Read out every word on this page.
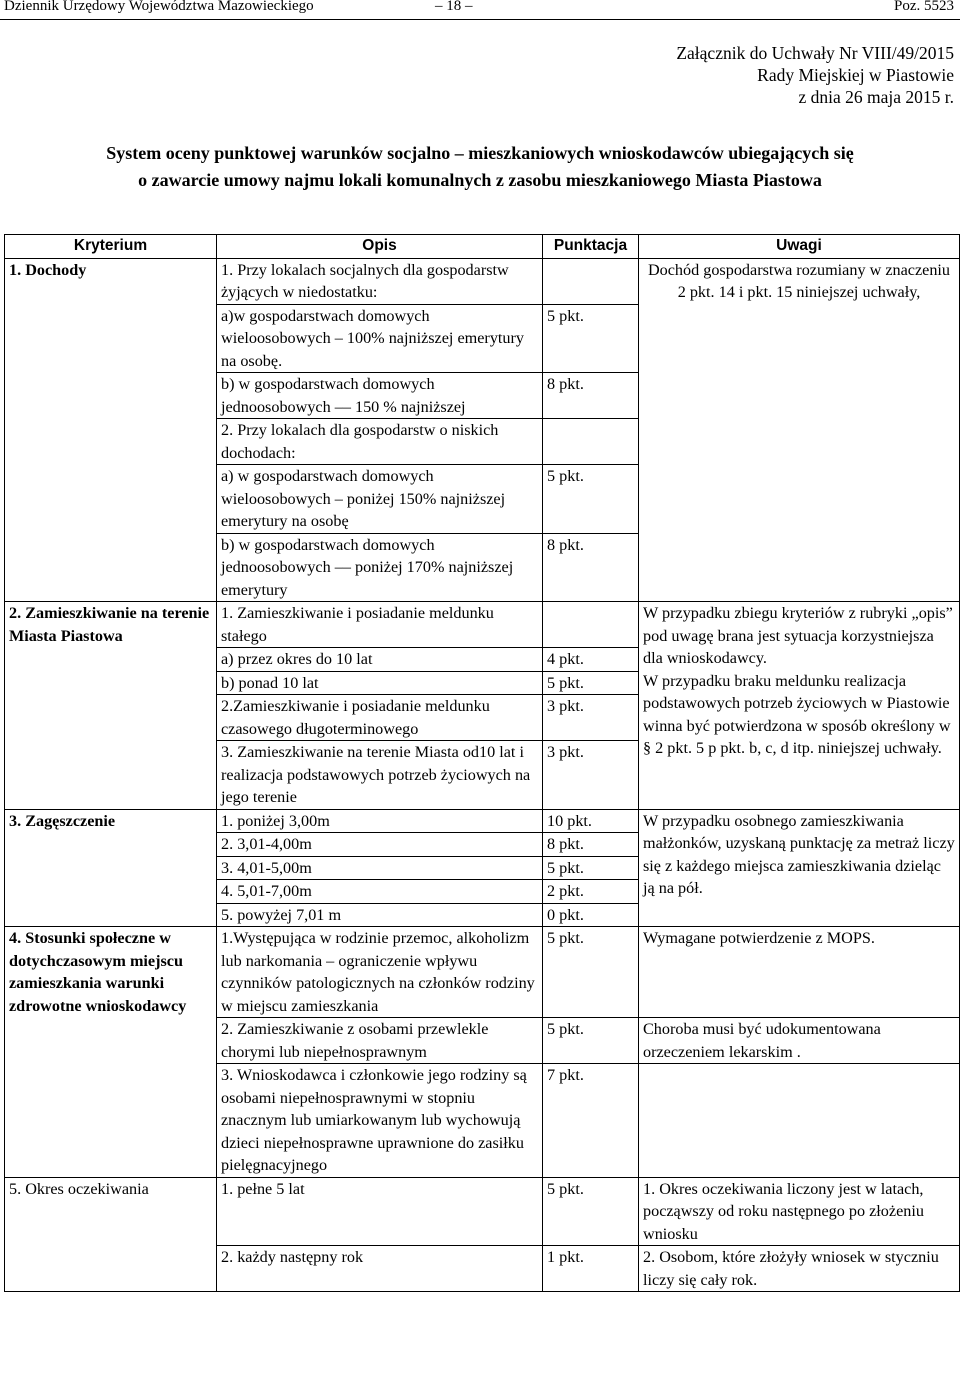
Dziennik Urzędowy Województwa Mazowieckiego	– 18 –	Poz. 5523
Załącznik do Uchwały Nr VIII/49/2015
Rady Miejskiej w Piastowie
z dnia 26 maja 2015 r.
System oceny punktowej warunków socjalno – mieszkaniowych wnioskodawców ubiegających się
o zawarcie umowy najmu lokali komunalnych z zasobu mieszkaniowego Miasta Piastowa
Kryterium	Opis	Punktacja	Uwagi
1. Dochody	1. Przy lokalach socjalnych dla gospodarstw żyjących w niedostatku:		Dochód gospodarstwa rozumiany w znaczeniu 2 pkt. 14 i pkt. 15 niniejszej uchwały,
	a)w gospodarstwach domowych wieloosobowych – 100% najniższej emerytury na osobę.	5 pkt.	
	b) w gospodarstwach domowych jednoosobowych –– 150 % najniższej	8 pkt.	
	2. Przy lokalach dla gospodarstw o niskich dochodach:		
	a) w gospodarstwach domowych wieloosobowych – poniżej 150% najniższej emerytury na osobę	5 pkt.	
	b) w gospodarstwach domowych jednoosobowych –– poniżej 170% najniższej emerytury	8 pkt.	
2. Zamieszkiwanie na terenie Miasta Piastowa	1. Zamieszkiwanie i posiadanie meldunku stałego		W przypadku zbiegu kryteriów z rubryki „opis” pod uwagę brana jest sytuacja korzystniejsza dla wnioskodawcy.
W przypadku braku meldunku realizacja podstawowych potrzeb życiowych w Piastowie winna być potwierdzona w sposób określony w § 2 pkt. 5 p pkt. b, c, d itp. niniejszej uchwały.

	a) przez okres do 10 lat	4 pkt.	
	b) ponad 10 lat	5 pkt.	
	2.Zamieszkiwanie i posiadanie meldunku czasowego długoterminowego	3 pkt.	
	3. Zamieszkiwanie na terenie Miasta od10 lat i realizacja podstawowych potrzeb życiowych na jego terenie	3 pkt.	
3. Zagęszczenie	1. poniżej 3,00m	10 pkt.	W przypadku osobnego zamieszkiwania małżonków, uzyskaną punktację za metraż liczy się z każdego miejsca zamieszkiwania dzieląc ją na pół.
	2. 3,01-4,00m	8 pkt.	
	3. 4,01-5,00m	5 pkt.	
	4. 5,01-7,00m	2 pkt.	
	5. powyżej 7,01 m	0 pkt.	
4. Stosunki społeczne w dotychczasowym miejscu zamieszkania warunki zdrowotne wnioskodawcy	1.Występująca w rodzinie przemoc, alkoholizm lub narkomania – ograniczenie wpływu czynników patologicznych na członków rodziny w miejscu zamieszkania	5 pkt.	Wymagane potwierdzenie z MOPS.
	2. Zamieszkiwanie z osobami przewlekle chorymi lub niepełnosprawnym	5 pkt.	Choroba musi być udokumentowana orzeczeniem lekarskim .
	3. Wnioskodawca i członkowie jego rodziny są osobami niepełnosprawnymi w stopniu znacznym lub umiarkowanym lub wychowują dzieci niepełnosprawne uprawnione do zasiłku pielęgnacyjnego	7 pkt.	
5. Okres oczekiwania	1. pełne 5 lat	5 pkt.	1. Okres oczekiwania liczony jest w latach, począwszy od roku następnego po złożeniu wniosku
	2. każdy następny rok	1 pkt.	2. Osobom, które złożyły wniosek w styczniu liczy się cały rok.
